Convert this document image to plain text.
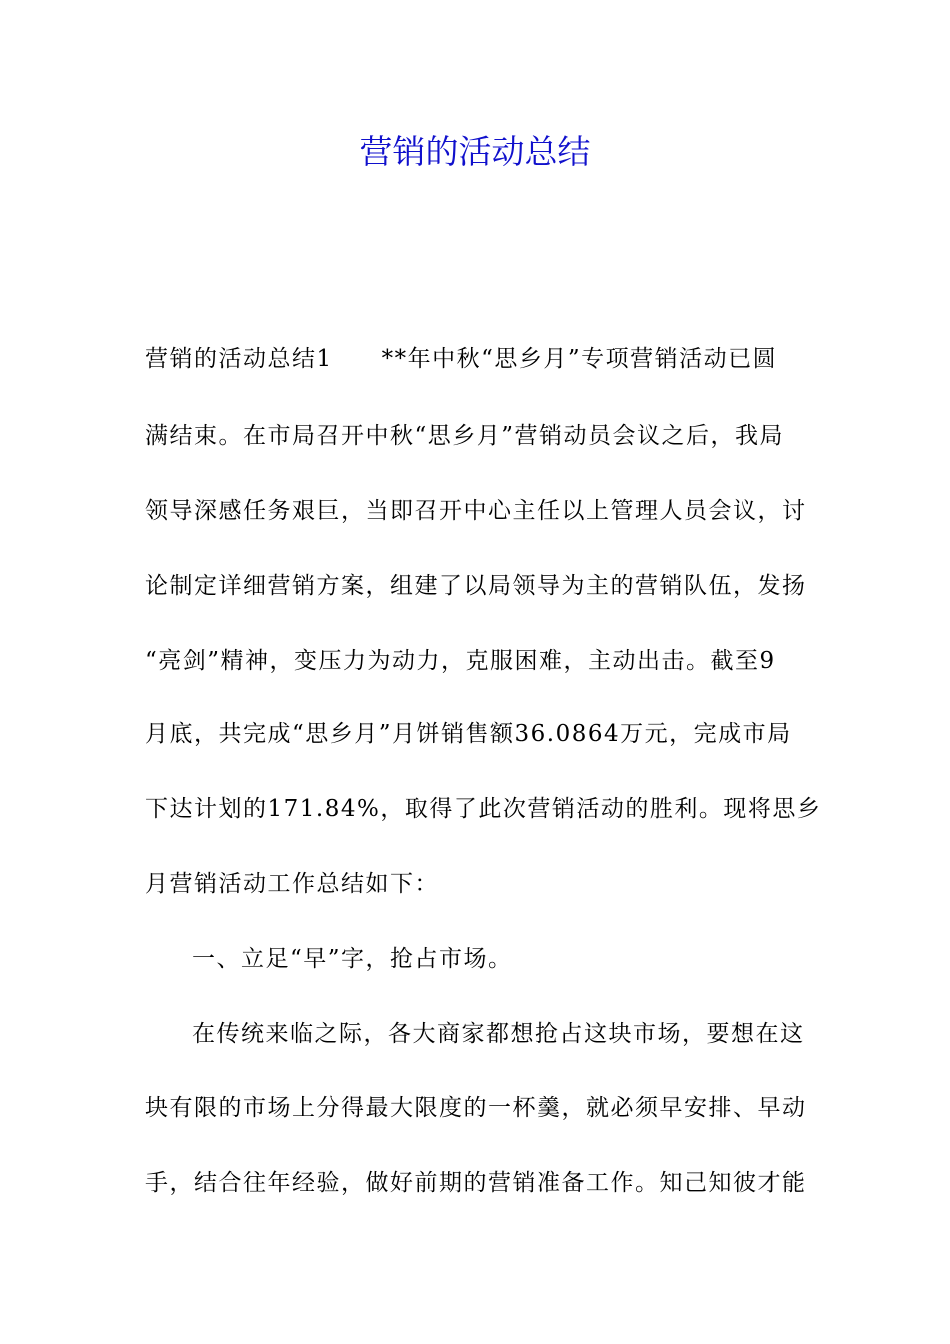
营销的活动总结
营销的活动总结1　　**年中秋“思乡月”专项营销活动已圆
满结束。在市局召开中秋“思乡月”营销动员会议之后，我局
领导深感任务艰巨，当即召开中心主任以上管理人员会议，讨
论制定详细营销方案，组建了以局领导为主的营销队伍，发扬
“亮剑”精神，变压力为动力，克服困难，主动出击。截至9
月底，共完成“思乡月”月饼销售额36.0864万元，完成市局
下达计划的171.84%，取得了此次营销活动的胜利。现将思乡
月营销活动工作总结如下：
一、立足“早”字，抢占市场。
在传统来临之际，各大商家都想抢占这块市场，要想在这
块有限的市场上分得最大限度的一杯羹，就必须早安排、早动
手，结合往年经验，做好前期的营销准备工作。知己知彼才能
